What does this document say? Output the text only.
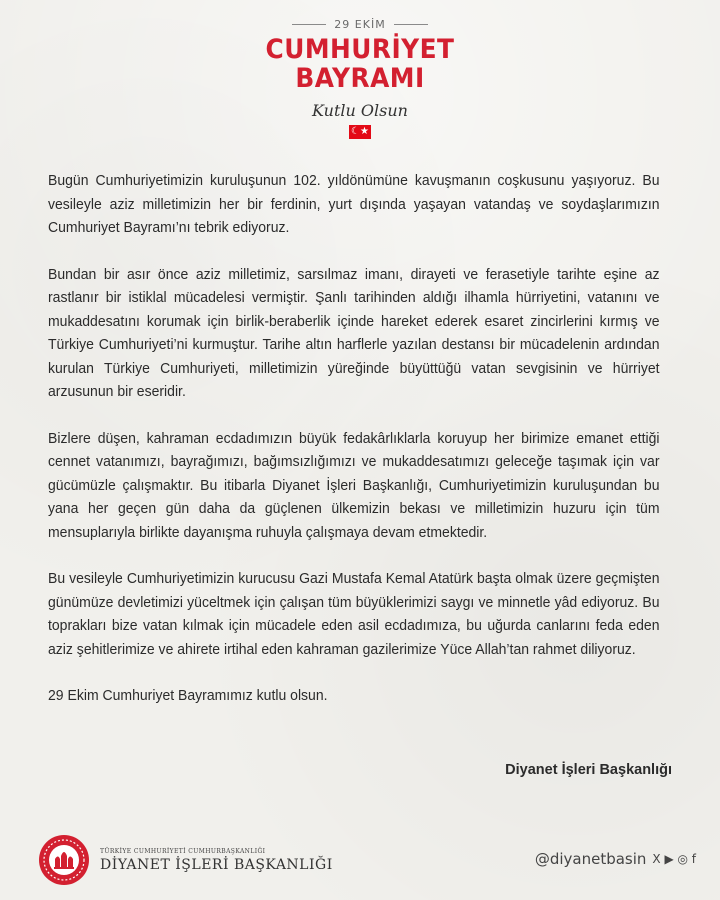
29 EKİM
CUMHURİYET
BAYRAMI
Kutlu Olsun
☾★

Bugün Cumhuriyetimizin kuruluşunun 102. yıldönümüne kavuşmanın coşkusunu yaşıyoruz. Bu vesileyle aziz milletimizin her bir ferdinin, yurt dışında yaşayan vatandaş ve soydaşlarımızın Cumhuriyet Bayramı’nı tebrik ediyoruz.

Bundan bir asır önce aziz milletimiz, sarsılmaz imanı, dirayeti ve ferasetiyle tarihte eşine az rastlanır bir istiklal mücadelesi vermiştir. Şanlı tarihinden aldığı ilhamla hürriyetini, vatanını ve mukaddesatını korumak için birlik-beraberlik içinde hareket ederek esaret zincirlerini kırmış ve Türkiye Cumhuriyeti’ni kurmuştur. Tarihe altın harflerle yazılan destansı bir mücadelenin ardından kurulan Türkiye Cumhuriyeti, milletimizin yüreğinde büyüttüğü vatan sevgisinin ve hürriyet arzusunun bir eseridir.

Bizlere düşen, kahraman ecdadımızın büyük fedakârlıklarla koruyup her birimize emanet ettiği cennet vatanımızı, bayrağımızı, bağımsızlığımızı ve mukaddesatımızı geleceğe taşımak için var gücümüzle çalışmaktır. Bu itibarla Diyanet İşleri Başkanlığı, Cumhuriyetimizin kuruluşundan bu yana her geçen gün daha da güçlenen ülkemizin bekası ve milletimizin huzuru için tüm mensuplarıyla birlikte dayanışma ruhuyla çalışmaya devam etmektedir.

Bu vesileyle Cumhuriyetimizin kurucusu Gazi Mustafa Kemal Atatürk başta olmak üzere geçmişten günümüze devletimizi yüceltmek için çalışan tüm büyüklerimizi saygı ve minnetle yâd ediyoruz. Bu toprakları bize vatan kılmak için mücadele eden asil ecdadımıza, bu uğurda canlarını feda eden aziz şehitlerimize ve ahirete irtihal eden kahraman gazilerimize Yüce Allah’tan rahmet diliyoruz.

29 Ekim Cumhuriyet Bayramımız kutlu olsun.

Diyanet İşleri Başkanlığı
TÜRKİYE CUMHURİYETİ CUMHURBAŞKANLIĞI
DİYANET İŞLERİ BAŞKANLIĞI	@diyanetbasin X ▶ ◎ f
